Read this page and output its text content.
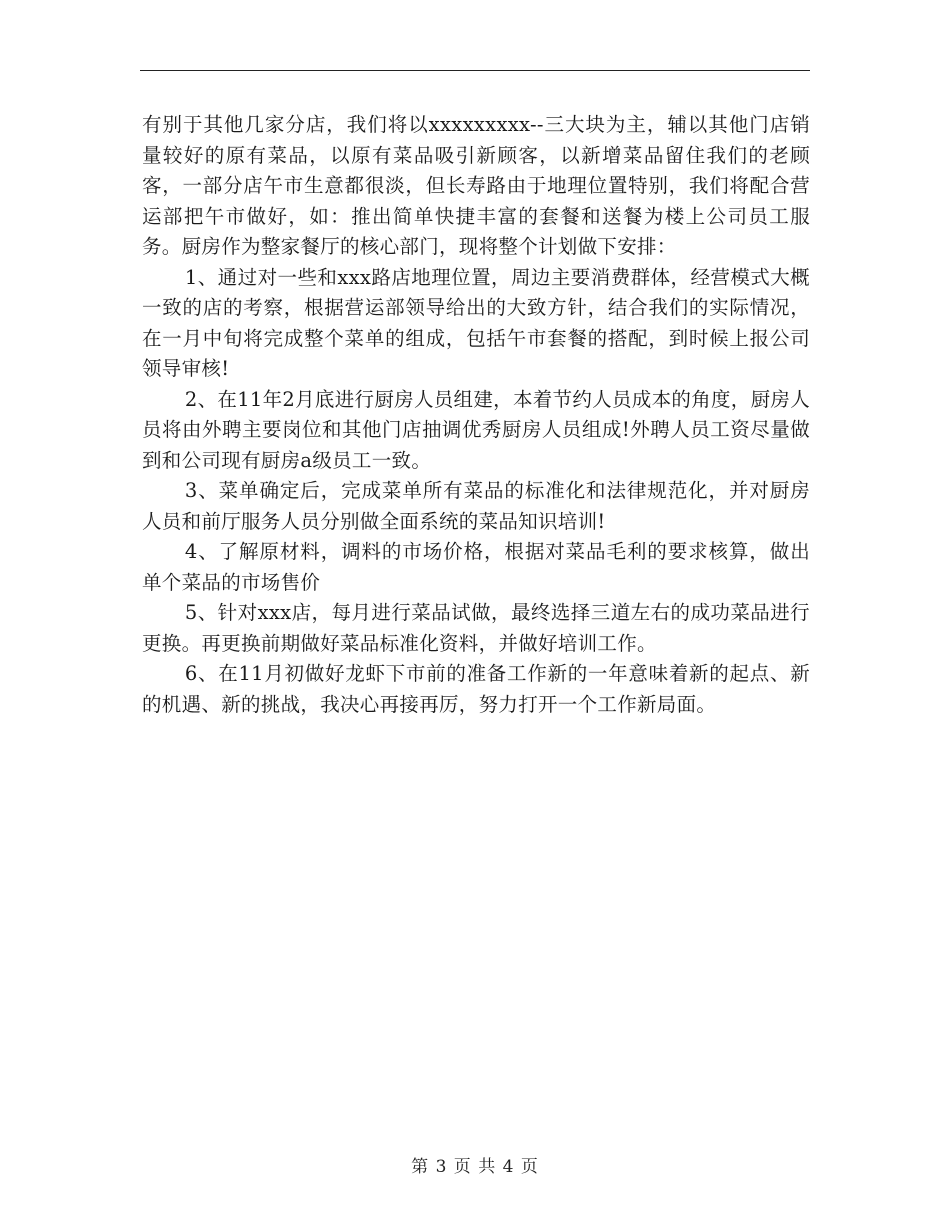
有别于其他几家分店，我们将以xxxxxxxxx--三大块为主，辅以其他门店销量较好的原有菜品，以原有菜品吸引新顾客，以新增菜品留住我们的老顾客，一部分店午市生意都很淡，但长寿路由于地理位置特别，我们将配合营运部把午市做好，如：推出简单快捷丰富的套餐和送餐为楼上公司员工服务。厨房作为整家餐厅的核心部门，现将整个计划做下安排：

1、通过对一些和xxx路店地理位置，周边主要消费群体，经营模式大概一致的店的考察，根据营运部领导给出的大致方针，结合我们的实际情况，在一月中旬将完成整个菜单的组成，包括午市套餐的搭配，到时候上报公司领导审核!

2、在11年2月底进行厨房人员组建，本着节约人员成本的角度，厨房人员将由外聘主要岗位和其他门店抽调优秀厨房人员组成!外聘人员工资尽量做到和公司现有厨房a级员工一致。

3、菜单确定后，完成菜单所有菜品的标准化和法律规范化，并对厨房人员和前厅服务人员分别做全面系统的菜品知识培训!

4、了解原材料，调料的市场价格，根据对菜品毛利的要求核算，做出单个菜品的市场售价

5、针对xxx店，每月进行菜品试做，最终选择三道左右的成功菜品进行更换。再更换前期做好菜品标准化资料，并做好培训工作。

6、在11月初做好龙虾下市前的准备工作新的一年意味着新的起点、新的机遇、新的挑战，我决心再接再厉，努力打开一个工作新局面。

第 3 页 共 4 页
